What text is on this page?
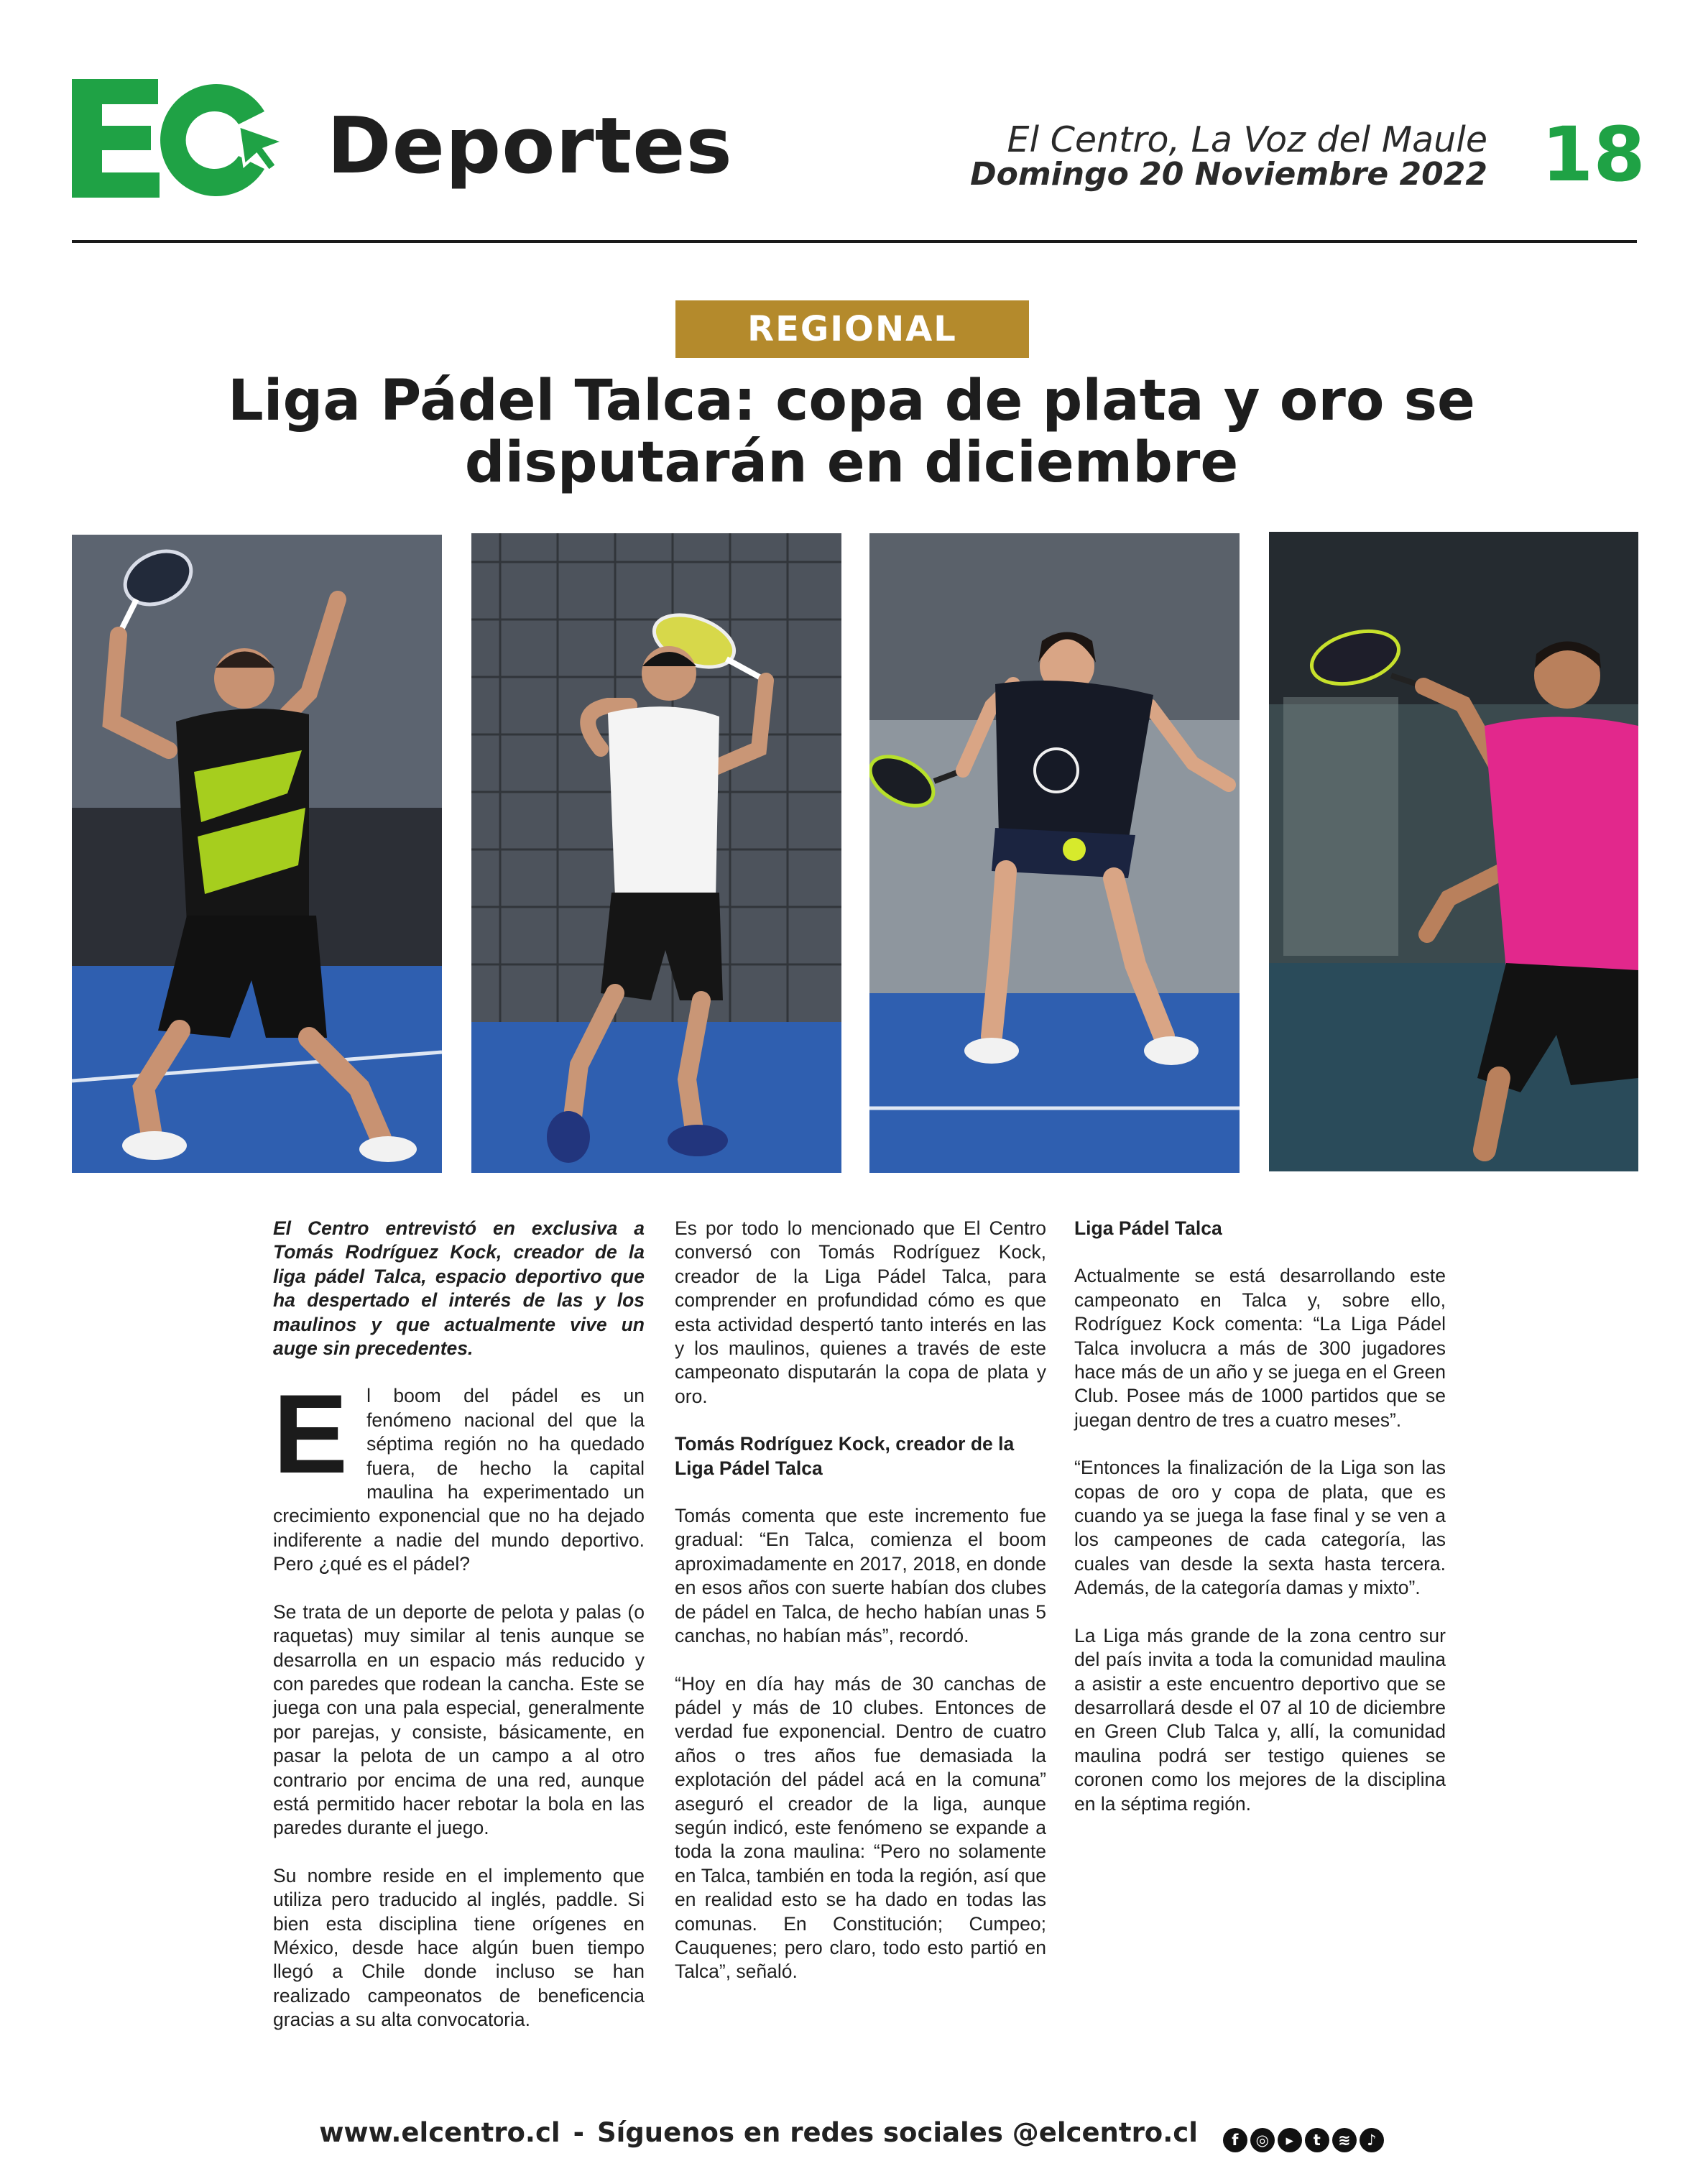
Deportes	El Centro, La Voz del Maule
Domingo 20 Noviembre 2022 18
REGIONAL
Liga Pádel Talca: copa de plata y oro se
disputarán en diciembre

El Centro entrevistó en exclusiva a Tomás Rodríguez Kock, creador de la liga pádel Talca, espacio deportivo que ha despertado el interés de las y los maulinos y que actualmente vive un auge sin precedentes.

El boom del pádel es un fenómeno nacional del que la séptima región no ha quedado fuera, de hecho la capital maulina ha experimentado un crecimiento exponencial que no ha dejado indiferente a nadie del mundo deportivo. Pero ¿qué es el pádel?

Se trata de un deporte de pelota y palas (o raquetas) muy similar al tenis aunque se desarrolla en un espacio más reducido y con paredes que rodean la cancha. Este se juega con una pala especial, generalmente por parejas, y consiste, básicamente, en pasar la pelota de un campo a al otro contrario por encima de una red, aunque está permitido hacer rebotar la bola en las paredes durante el juego.

Su nombre reside en el implemento que utiliza pero traducido al inglés, paddle. Si bien esta disciplina tiene orígenes en México, desde hace algún buen tiempo llegó a Chile donde incluso se han realizado campeonatos de beneficencia gracias a su alta convocatoria.

Es por todo lo mencionado que El Centro conversó con Tomás Rodríguez Kock, creador de la Liga Pádel Talca, para comprender en profundidad cómo es que esta actividad despertó tanto interés en las y los maulinos, quienes a través de este campeonato disputarán la copa de plata y oro.

Tomás Rodríguez Kock, creador de la Liga Pádel Talca

Tomás comenta que este incremento fue gradual: “En Talca, comienza el boom aproximadamente en 2017, 2018, en donde en esos años con suerte habían dos clubes de pádel en Talca, de hecho habían unas 5 canchas, no habían más”, recordó.

“Hoy en día hay más de 30 canchas de pádel y más de 10 clubes. Entonces de verdad fue exponencial. Dentro de cuatro años o tres años fue demasiada la explotación del pádel acá en la comuna” aseguró el creador de la liga, aunque según indicó, este fenómeno se expande a toda la zona maulina: “Pero no solamente en Talca, también en toda la región, así que en realidad esto se ha dado en todas las comunas. En Constitución; Cumpeo; Cauquenes; pero claro, todo esto partió en Talca”, señaló.

Liga Pádel Talca

Actualmente se está desarrollando este campeonato en Talca y, sobre ello, Rodríguez Kock comenta: “La Liga Pádel Talca involucra a más de 300 jugadores hace más de un año y se juega en el Green Club. Posee más de 1000 partidos que se juegan dentro de tres a cuatro meses”.

“Entonces la finalización de la Liga son las copas de oro y copa de plata, que es cuando ya se juega la fase final y se ven a los campeones de cada categoría, las cuales van desde la sexta hasta tercera. Además, de la categoría damas y mixto”.

La Liga más grande de la zona centro sur del país invita a toda la comunidad maulina a asistir a este encuentro deportivo que se desarrollará desde el 07 al 10 de diciembre en Green Club Talca y, allí, la comunidad maulina podrá ser testigo quienes se coronen como los mejores de la disciplina en la séptima región.

www.elcentro.cl - Síguenos en redes sociales @elcentro.cl	f	◎	▸	t	≋	♪
